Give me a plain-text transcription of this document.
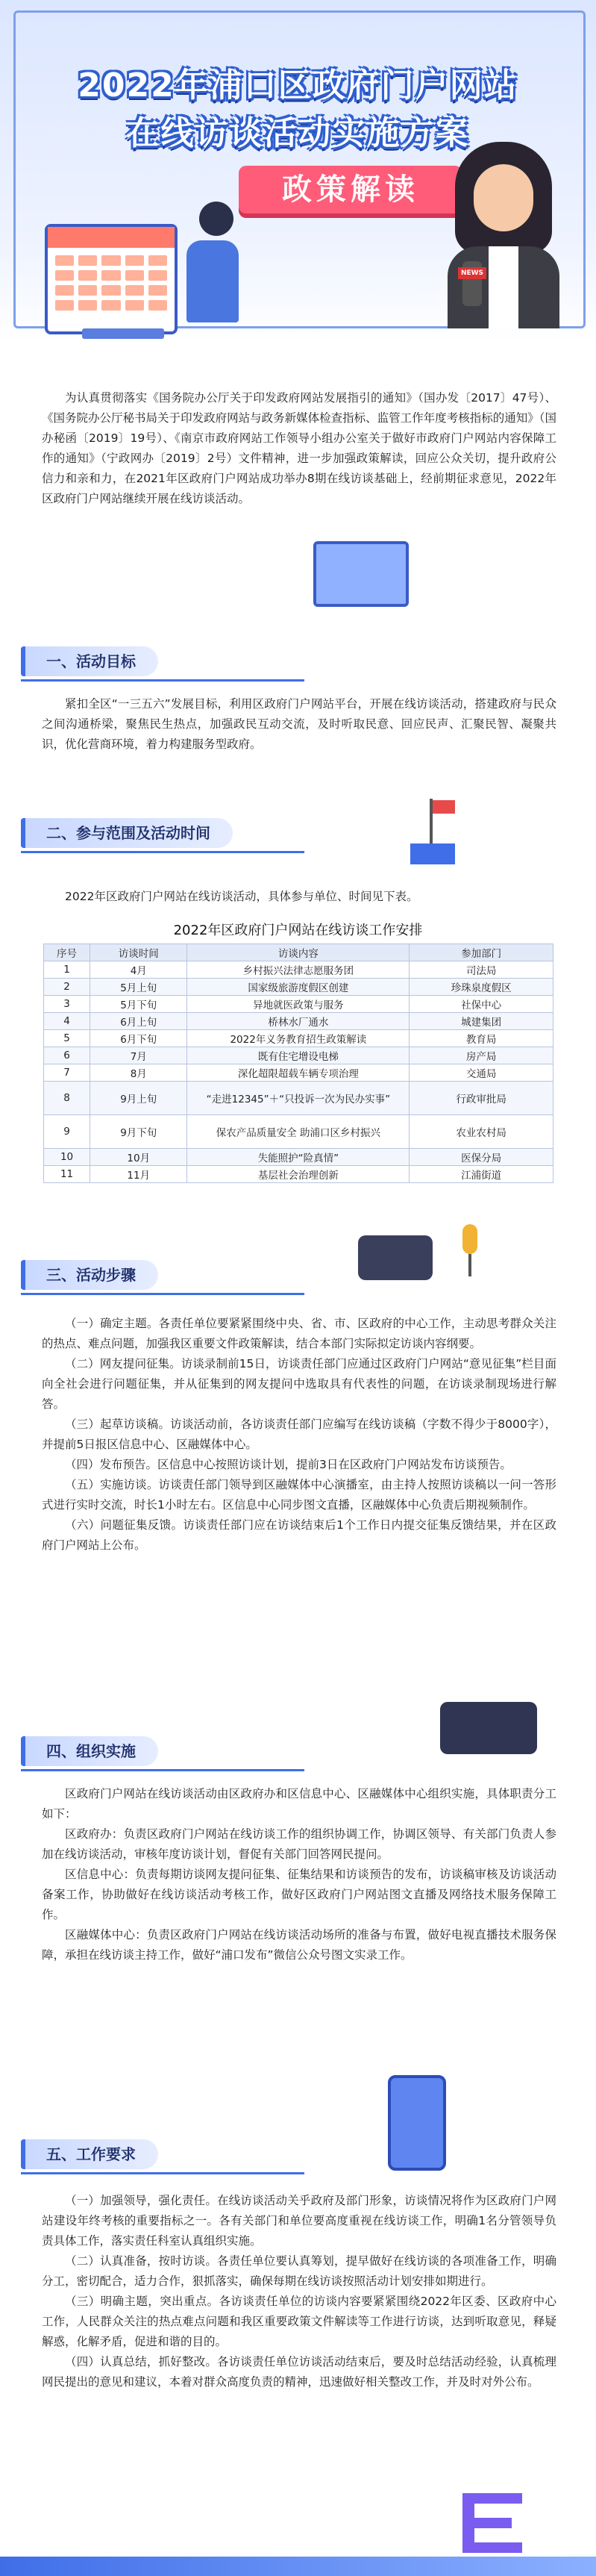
2022年浦口区政府门户网站
在线访谈活动实施方案
政策解读
NEWS

为认真贯彻落实《国务院办公厅关于印发政府网站发展指引的通知》（国办发〔2017〕47号）、《国务院办公厅秘书局关于印发政府网站与政务新媒体检查指标、监管工作年度考核指标的通知》（国办秘函〔2019〕19号）、《南京市政府网站工作领导小组办公室关于做好市政府门户网站内容保障工作的通知》（宁政网办〔2019〕2号）文件精神，进一步加强政策解读，回应公众关切，提升政府公信力和亲和力，在2021年区政府门户网站成功举办8期在线访谈基础上，经前期征求意见，2022年区政府门户网站继续开展在线访谈活动。

一、活动目标

紧扣全区“一三五六”发展目标，利用区政府门户网站平台，开展在线访谈活动，搭建政府与民众之间沟通桥梁，聚焦民生热点，加强政民互动交流，及时听取民意、回应民声、汇聚民智、凝聚共识，优化营商环境，着力构建服务型政府。

二、参与范围及活动时间

2022年区政府门户网站在线访谈活动，具体参与单位、时间见下表。

2022年区政府门户网站在线访谈工作安排
序号	访谈时间	访谈内容	参加部门
1	4月	乡村振兴法律志愿服务团	司法局
2	5月上旬	国家级旅游度假区创建	珍珠泉度假区
3	5月下旬	异地就医政策与服务	社保中心
4	6月上旬	桥林水厂通水	城建集团
5	6月下旬	2022年义务教育招生政策解读	教育局
6	7月	既有住宅增设电梯	房产局
7	8月	深化超限超载车辆专项治理	交通局
8	9月上旬	“走进12345”＋“只投诉一次为民办实事”	行政审批局
9	9月下旬	保农产品质量安全 助浦口区乡村振兴	农业农村局
10	10月	失能照护“险真情”	医保分局
11	11月	基层社会治理创新	江浦街道
三、活动步骤

（一）确定主题。各责任单位要紧紧围绕中央、省、市、区政府的中心工作，主动思考群众关注的热点、难点问题，加强我区重要文件政策解读，结合本部门实际拟定访谈内容纲要。

（二）网友提问征集。访谈录制前15日，访谈责任部门应通过区政府门户网站“意见征集”栏目面向全社会进行问题征集，并从征集到的网友提问中选取具有代表性的问题，在访谈录制现场进行解答。

（三）起草访谈稿。访谈活动前，各访谈责任部门应编写在线访谈稿（字数不得少于8000字），并提前5日报区信息中心、区融媒体中心。

（四）发布预告。区信息中心按照访谈计划，提前3日在区政府门户网站发布访谈预告。

（五）实施访谈。访谈责任部门领导到区融媒体中心演播室，由主持人按照访谈稿以一问一答形式进行实时交流，时长1小时左右。区信息中心同步图文直播，区融媒体中心负责后期视频制作。

（六）问题征集反馈。访谈责任部门应在访谈结束后1个工作日内提交征集反馈结果，并在区政府门户网站上公布。

四、组织实施

区政府门户网站在线访谈活动由区政府办和区信息中心、区融媒体中心组织实施，具体职责分工如下：

区政府办：负责区政府门户网站在线访谈工作的组织协调工作，协调区领导、有关部门负责人参加在线访谈活动，审核年度访谈计划，督促有关部门回答网民提问。

区信息中心：负责每期访谈网友提问征集、征集结果和访谈预告的发布，访谈稿审核及访谈活动备案工作，协助做好在线访谈活动考核工作，做好区政府门户网站图文直播及网络技术服务保障工作。

区融媒体中心：负责区政府门户网站在线访谈活动场所的准备与布置，做好电视直播技术服务保障，承担在线访谈主持工作，做好“浦口发布”微信公众号图文实录工作。

五、工作要求

（一）加强领导，强化责任。在线访谈活动关乎政府及部门形象，访谈情况将作为区政府门户网站建设年终考核的重要指标之一。各有关部门和单位要高度重视在线访谈工作，明确1名分管领导负责具体工作，落实责任科室认真组织实施。

（二）认真准备，按时访谈。各责任单位要认真筹划，提早做好在线访谈的各项准备工作，明确分工，密切配合，适力合作，狠抓落实，确保每期在线访谈按照活动计划安排如期进行。

（三）明确主题，突出重点。各访谈责任单位的访谈内容要紧紧围绕2022年区委、区政府中心工作，人民群众关注的热点难点问题和我区重要政策文件解读等工作进行访谈，达到听取意见，释疑解惑，化解矛盾，促进和谐的目的。

（四）认真总结，抓好整改。各访谈责任单位访谈活动结束后，要及时总结活动经验，认真梳理网民提出的意见和建议，本着对群众高度负责的精神，迅速做好相关整改工作，并及时对外公布。
